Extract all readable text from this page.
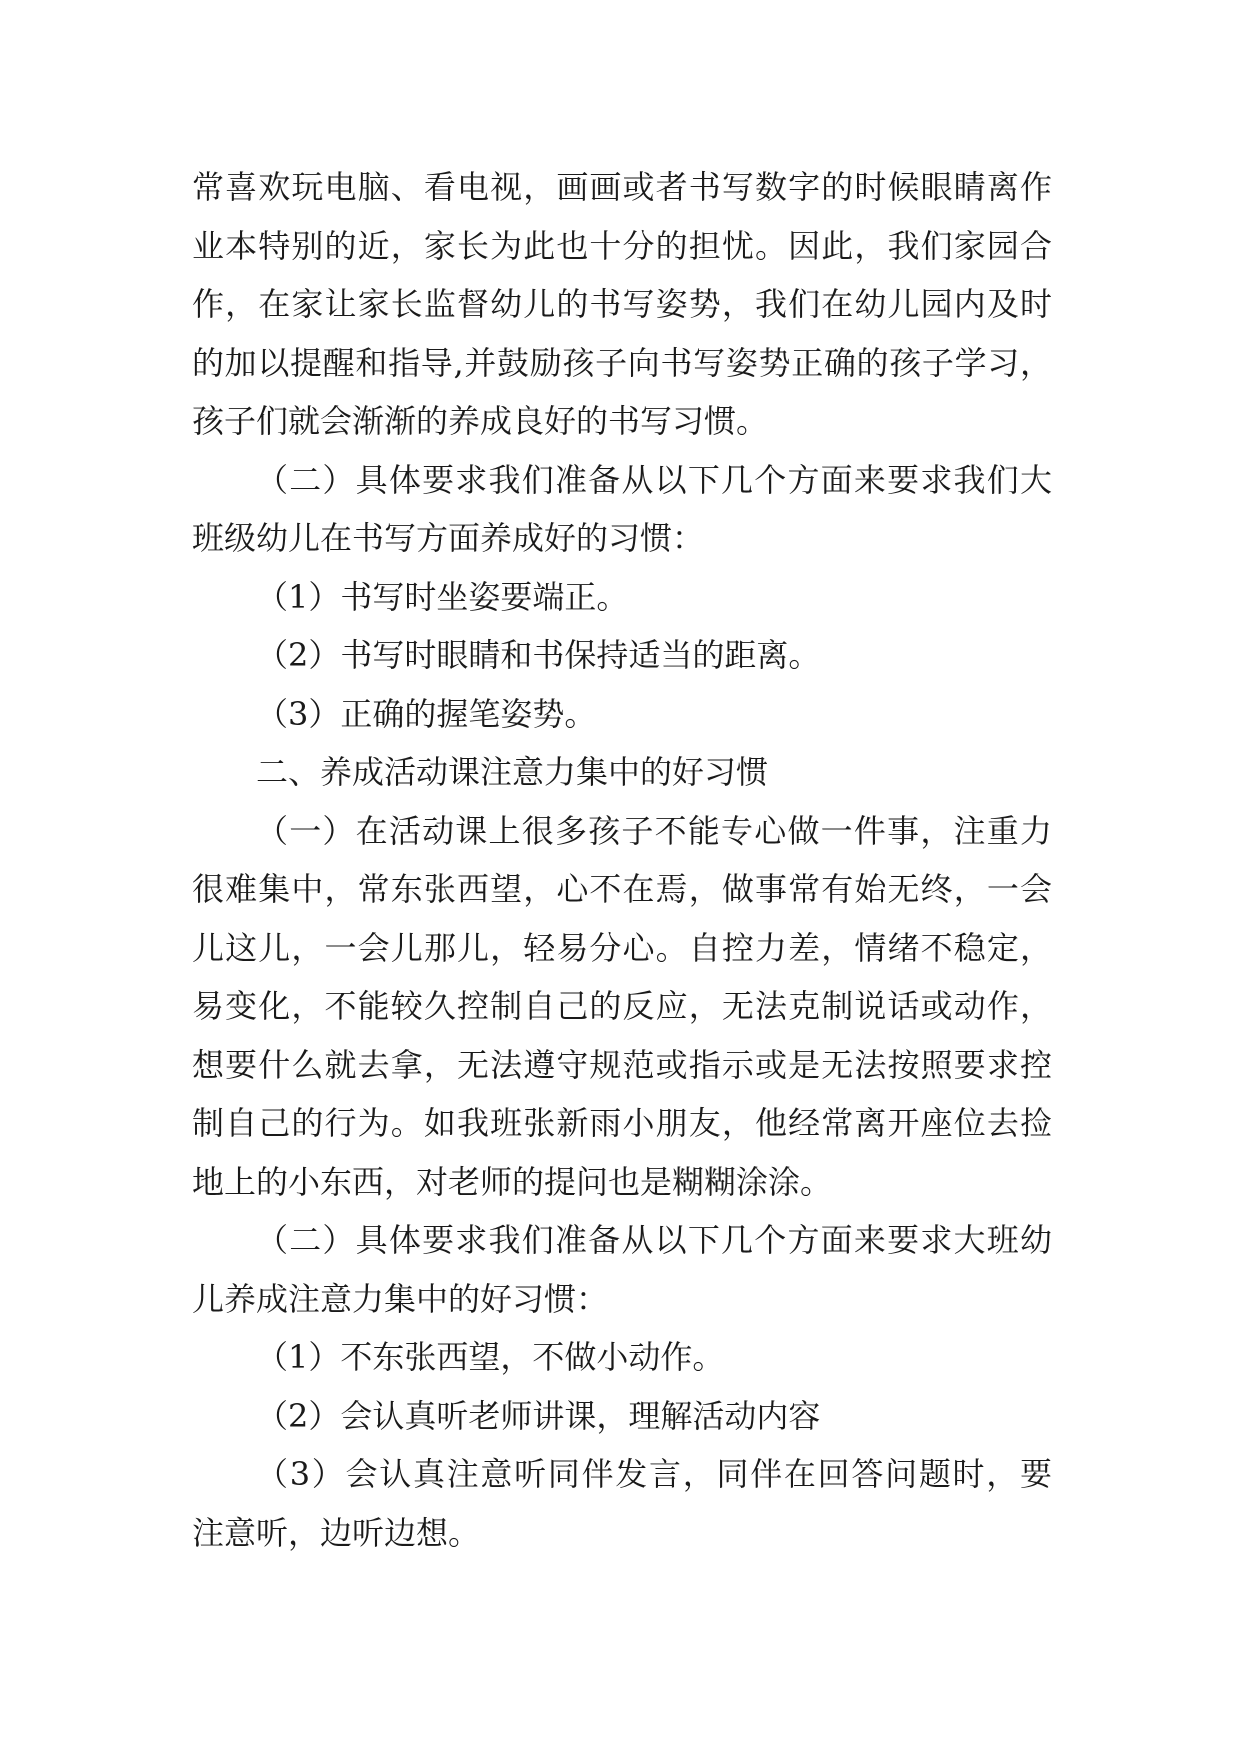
常喜欢玩电脑、看电视，画画或者书写数字的时候眼睛离作
业本特别的近，家长为此也十分的担忧。因此，我们家园合
作，在家让家长监督幼儿的书写姿势，我们在幼儿园内及时
的加以提醒和指导,并鼓励孩子向书写姿势正确的孩子学习，
孩子们就会渐渐的养成良好的书写习惯。
（二）具体要求我们准备从以下几个方面来要求我们大
班级幼儿在书写方面养成好的习惯：
（1）书写时坐姿要端正。
（2）书写时眼睛和书保持适当的距离。
（3）正确的握笔姿势。
二、养成活动课注意力集中的好习惯
（一）在活动课上很多孩子不能专心做一件事，注重力
很难集中，常东张西望，心不在焉，做事常有始无终，一会
儿这儿，一会儿那儿，轻易分心。自控力差，情绪不稳定，
易变化，不能较久控制自己的反应，无法克制说话或动作，
想要什么就去拿，无法遵守规范或指示或是无法按照要求控
制自己的行为。如我班张新雨小朋友，他经常离开座位去捡
地上的小东西，对老师的提问也是糊糊涂涂。
（二）具体要求我们准备从以下几个方面来要求大班幼
儿养成注意力集中的好习惯：
（1）不东张西望，不做小动作。
（2）会认真听老师讲课，理解活动内容
（3）会认真注意听同伴发言，同伴在回答问题时，要
注意听，边听边想。
